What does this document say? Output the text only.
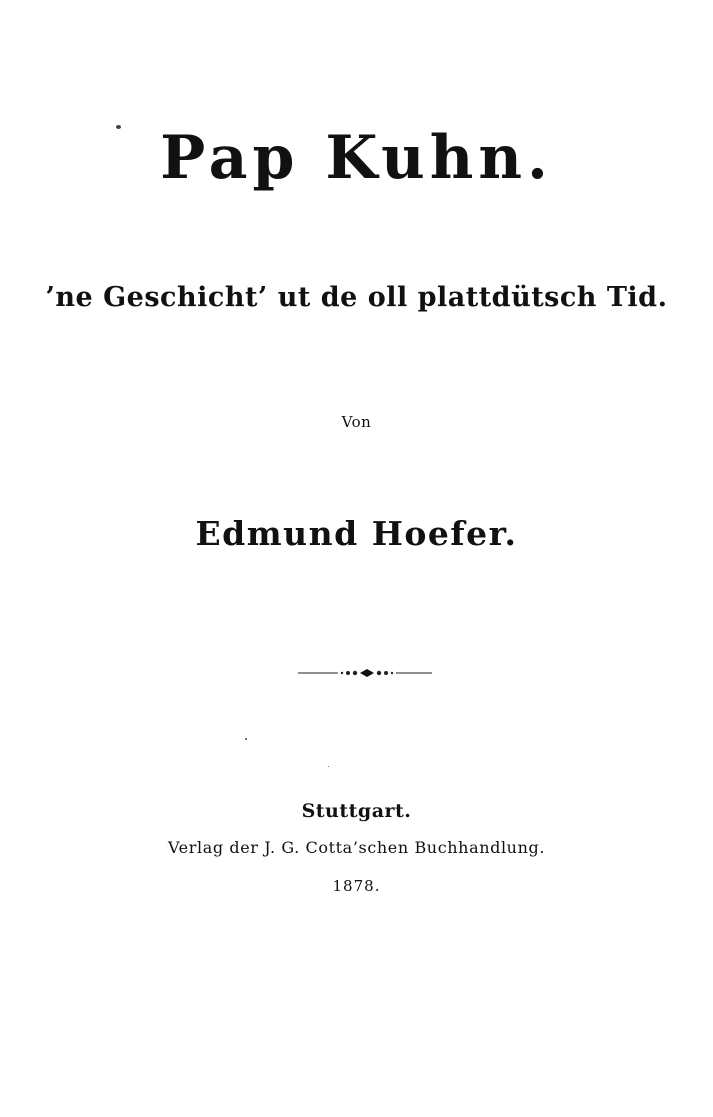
Pap Kuhn.
’ne Geschicht’ ut de oll plattdütsch Tid.
Von
Edmund Hoefer.
Stuttgart.
Verlag der J. G. Cotta’schen Buchhandlung.
1878.
